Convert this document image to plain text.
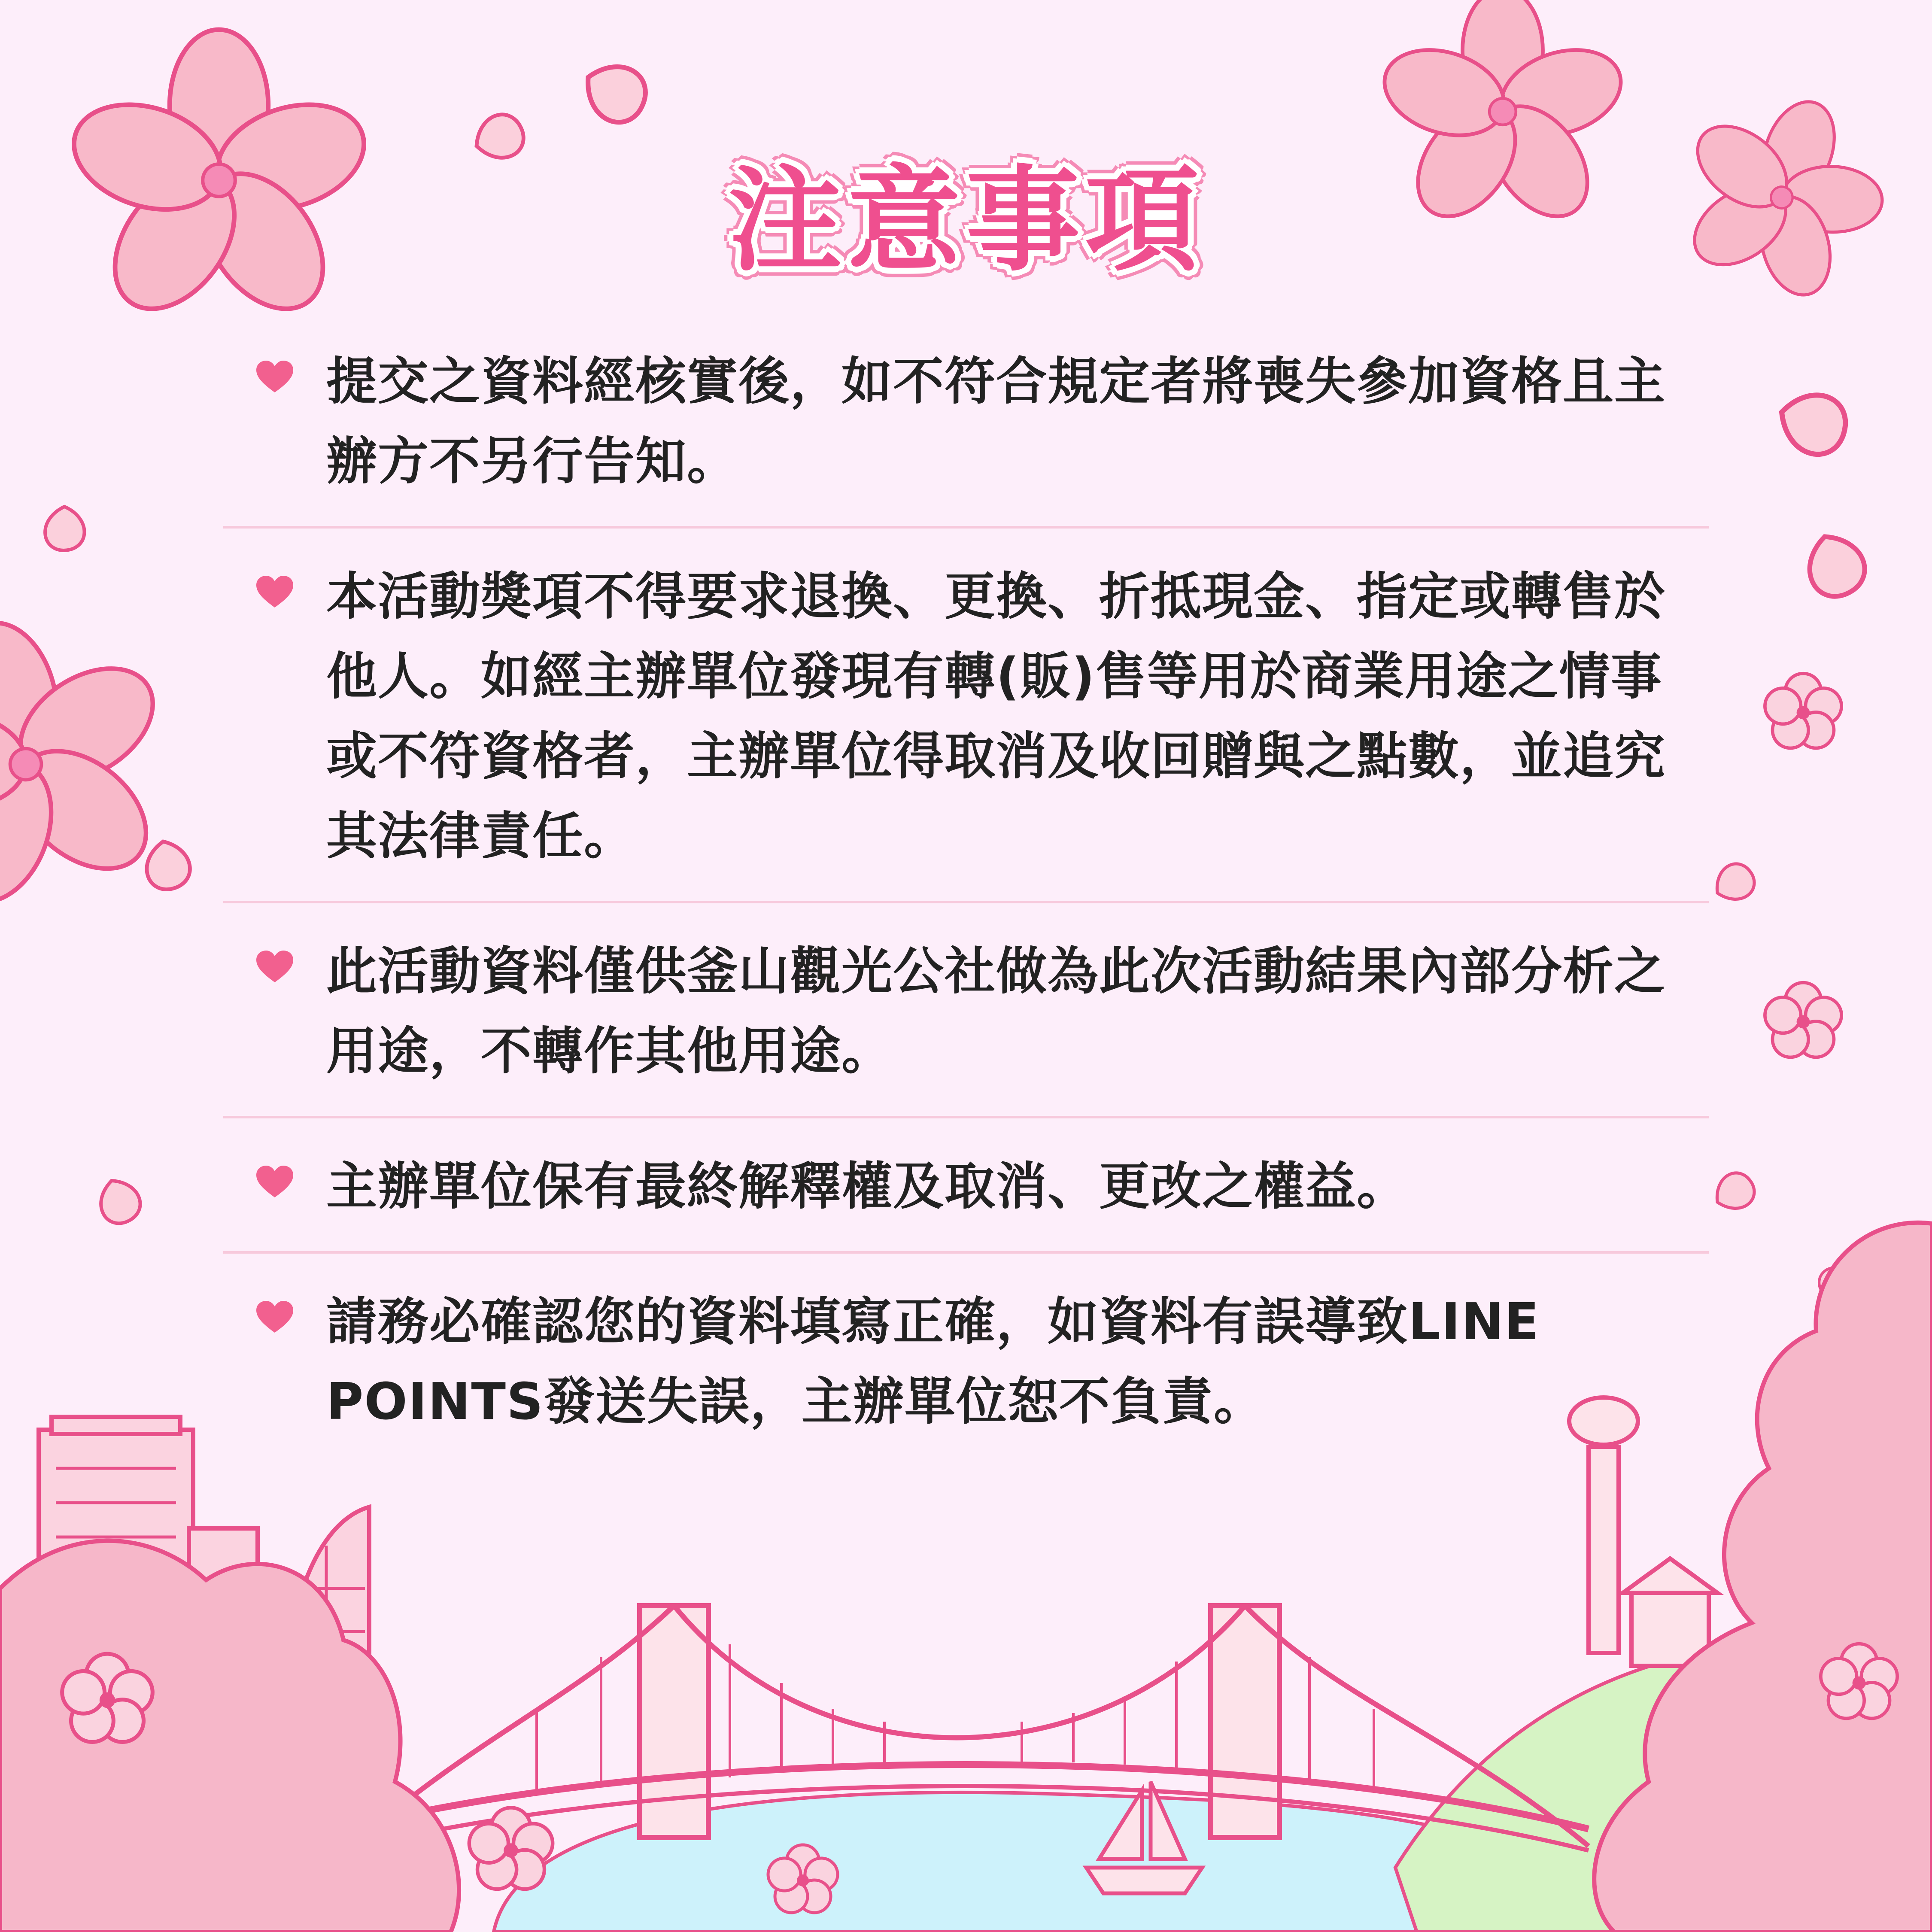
注意事項
提交之資料經核實後，如不符合規定者將喪失參加資格且主辦方不另行告知。
本活動獎項不得要求退換、更換、折抵現金、指定或轉售於他人。如經主辦單位發現有轉(販)售等用於商業用途之情事或不符資格者，主辦單位得取消及收回贈與之點數，並追究其法律責任。
此活動資料僅供釜山觀光公社做為此次活動結果內部分析之用途，不轉作其他用途。
主辦單位保有最終解釋權及取消、更改之權益。
請務必確認您的資料填寫正確，如資料有誤導致LINE POINTS發送失誤，主辦單位恕不負責。
